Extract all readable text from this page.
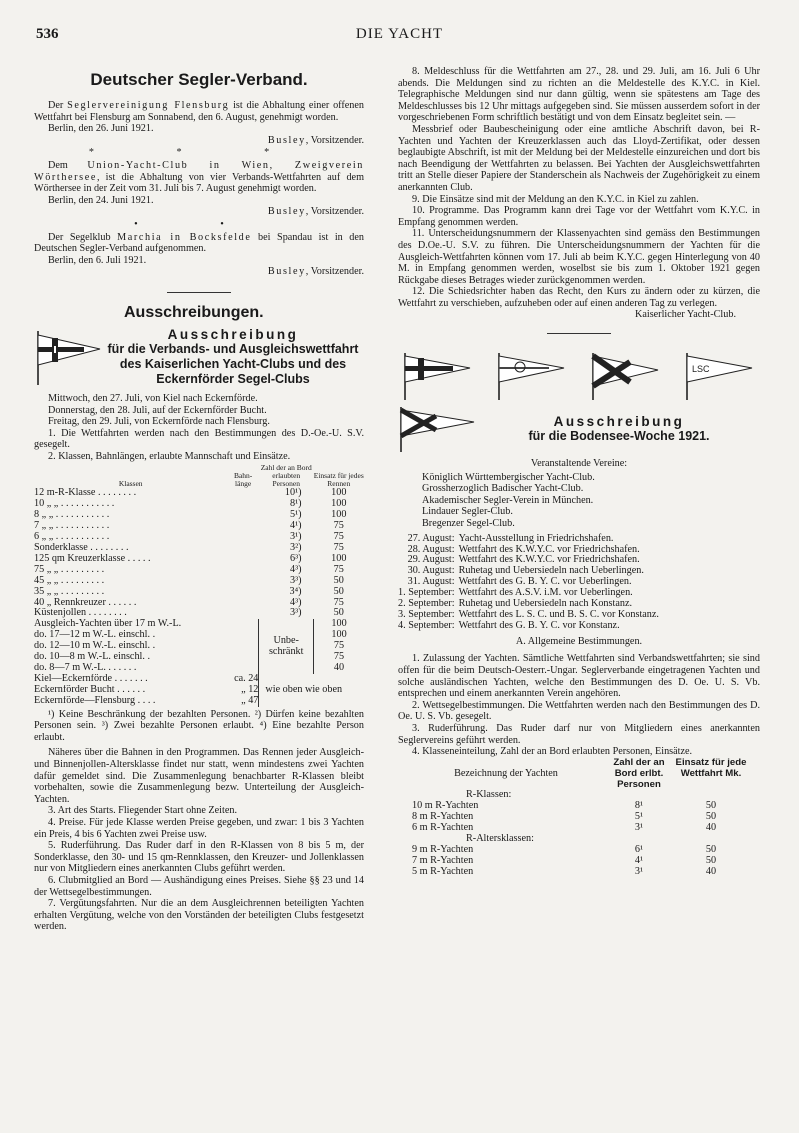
536	DIE YACHT
Deutscher Segler-Verband.

Der Seglervereinigung Flensburg ist die Abhaltung einer offenen Wettfahrt bei Flensburg am Sonnabend, den 6. August, genehmigt worden.

Berlin, den 26. Juni 1921.

Busley, Vorsitzender.

* * *

Dem Union-Yacht-Club in Wien, Zweigverein Wörthersee, ist die Abhaltung von vier Verbands-Wettfahrten auf dem Wörthersee in der Zeit vom 31. Juli bis 7. August genehmigt worden.

Berlin, den 24. Juni 1921.

Busley, Vorsitzender.

• •

Der Segelklub Marchia in Bocksfelde bei Spandau ist in den Deutschen Segler-Verband aufgenommen.

Berlin, den 6. Juli 1921.

Busley, Vorsitzender.

Ausschreibungen.
Ausschreibung
für die Verbands- und Ausgleichswettfahrt
des Kaiserlichen Yacht-Clubs und des
Eckernförder Segel-Clubs

Mittwoch, den 27. Juli, von Kiel nach Eckernförde.

Donnerstag, den 28. Juli, auf der Eckernförder Bucht.

Freitag, den 29. Juli, von Eckernförde nach Flensburg.

1. Die Wettfahrten werden nach den Bestimmungen des D.-Oe.-U. S.V. gesegelt.

2. Klassen, Bahnlängen, erlaubte Mannschaft und Einsätze.

Klassen	Bahn-länge	Zahl der an Bord erlaubten Personen	Einsatz für jedes Rennen
12 m-R-Klasse . . . . . . . .		10¹)	100
10 „ „ . . . . . . . . . . .		8¹)	100
8 „ „ . . . . . . . . . . .		5¹)	100
7 „ „ . . . . . . . . . . .		4¹)	75
6 „ „ . . . . . . . . . . .		3¹)	75
Sonderklasse . . . . . . . .		3²)	75
125 qm Kreuzerklasse . . . . .		6³)	100
75 „ „ . . . . . . . . .		4³)	75
45 „ „ . . . . . . . . .		3³)	50
35 „ „ . . . . . . . . .		3⁴)	50
40 „ Rennkreuzer . . . . . .		4³)	75
Küstenjollen . . . . . . . .		3³)	50
Ausgleich-Yachten über 17 m W.-L.		Unbe-schränkt	100
do. 17—12 m W.-L. einschl. .			100
do. 12—10 m W.-L. einschl. .			75
do. 10—8 m W.-L. einschl. .			75
do. 8—7 m W.-L. . . . . . .			40
Kiel—Eckernförde . . . . . . .	ca. 24	wie oben wie oben	
Eckernförder Bucht . . . . . .	„ 12		
Eckernförde—Flensburg . . . .	„ 47		

¹) Keine Beschränkung der bezahlten Personen. ²) Dürfen keine bezahlten Personen sein. ³) Zwei bezahlte Personen erlaubt. ⁴) Eine bezahlte Person erlaubt.

Näheres über die Bahnen in den Programmen. Das Rennen jeder Ausgleich- und Binnenjollen-Altersklasse findet nur statt, wenn mindestens zwei Yachten dafür gemeldet sind. Die Zusammenlegung benachbarter R-Klassen bleibt vorbehalten, sowie die Zusammenlegung bezw. Unterteilung der Ausgleich-Yachten.

3. Art des Starts. Fliegender Start ohne Zeiten.

4. Preise. Für jede Klasse werden Preise gegeben, und zwar: 1 bis 3 Yachten ein Preis, 4 bis 6 Yachten zwei Preise usw.

5. Ruderführung. Das Ruder darf in den R-Klassen von 8 bis 5 m, der Sonderklasse, den 30- und 15 qm-Rennklassen, den Kreuzer- und Jollenklassen nur von Mitgliedern eines anerkannten Clubs geführt werden.

6. Clubmitglied an Bord — Aushändigung eines Preises. Siehe §§ 23 und 14 der Wettsegelbestimmungen.

7. Vergütungsfahrten. Nur die an dem Ausgleichrennen beteiligten Yachten erhalten Vergütung, welche von den Vorständen der beteiligten Clubs festgesetzt werden.

8. Meldeschluss für die Wettfahrten am 27., 28. und 29. Juli, am 16. Juli 6 Uhr abends. Die Meldungen sind zu richten an die Meldestelle des K.Y.C. in Kiel. Telegraphische Meldungen sind nur dann gültig, wenn sie spätestens am Tage des Meldeschlusses bis 12 Uhr mittags aufgegeben sind. Sie müssen ausserdem sofort in der vorgeschriebenen Form schriftlich bestätigt und von dem Einsatz begleitet sein. —

Messbrief oder Baubescheinigung oder eine amtliche Abschrift davon, bei R-Yachten und Yachten der Kreuzerklassen auch das Lloyd-Zertifikat, oder dessen beglaubigte Abschrift, ist mit der Meldung bei der Meldestelle einzureichen und dort bis nach Beendigung der Wettfahrten zu belassen. Bei Yachten der Ausgleichswettfahrten tritt an Stelle dieser Papiere der Standerschein als Nachweis der Zugehörigkeit zu einem anerkannten Club.

9. Die Einsätze sind mit der Meldung an den K.Y.C. in Kiel zu zahlen.

10. Programme. Das Programm kann drei Tage vor der Wettfahrt vom K.Y.C. in Empfang genommen werden.

11. Unterscheidungsnummern der Klassenyachten sind gemäss den Bestimmungen des D.Oe.-U. S.V. zu führen. Die Unterscheidungsnummern der Yachten für die Ausgleich-Wettfahrten können vom 17. Juli ab beim K.Y.C. gegen Hinterlegung von 40 M. in Empfang genommen werden, woselbst sie bis zum 1. Oktober 1921 gegen Rückgabe dieses Betrages wieder zurückgenommen werden.

12. Die Schiedsrichter haben das Recht, den Kurs zu ändern oder zu kürzen, die Wettfahrt zu verschieben, aufzuheben oder auf einen anderen Tag zu verlegen.

Kaiserlicher Yacht-Club.

LSC
Ausschreibung
für die Bodensee-Woche 1921.

Veranstaltende Vereine:

Königlich Württembergischer Yacht-Club.
Grossherzoglich Badischer Yacht-Club.
Akademischer Segler-Verein in München.
Lindauer Segler-Club.
Bregenzer Segel-Club.
27. August:	Yacht-Ausstellung in Friedrichshafen.
28. August:	Wettfahrt des K.W.Y.C. vor Friedrichshafen.
29. August:	Wettfahrt des K.W.Y.C. vor Friedrichshafen.
30. August:	Ruhetag und Uebersiedeln nach Ueberlingen.
31. August:	Wettfahrt des G. B. Y. C. vor Ueberlingen.
1. September:	Wettfahrt des A.S.V. i.M. vor Ueberlingen.
2. September:	Ruhetag und Uebersiedeln nach Konstanz.
3. September:	Wettfahrt des L. S. C. und B. S. C. vor Konstanz.
4. September:	Wettfahrt des G. B. Y. C. vor Konstanz.

A. Allgemeine Bestimmungen.

1. Zulassung der Yachten. Sämtliche Wettfahrten sind Verbandswettfahrten; sie sind offen für die beim Deutsch-Oesterr.-Ungar. Seglerverbande eingetragenen Yachten und solche ausländischen Yachten, welche den Bestimmungen des D. Oe. U. S. Vb. entsprechen und einem anerkannten Verein angehören.

2. Wettsegelbestimmungen. Die Wettfahrten werden nach den Bestimmungen des D. Oe. U. S. Vb. gesegelt.

3. Ruderführung. Das Ruder darf nur von Mitgliedern eines anerkannten Seglervereins geführt werden.

4. Klasseneinteilung, Zahl der an Bord erlaubten Personen, Einsätze.

Bezeichnung der Yachten	Zahl der an Bord erlbt. Personen	Einsatz für jede Wettfahrt Mk.
R-Klassen:		
10 m R-Yachten	8¹	50
8 m R-Yachten	5¹	50
6 m R-Yachten	3¹	40
R-Altersklassen:		
9 m R-Yachten	6¹	50
7 m R-Yachten	4¹	50
5 m R-Yachten	3¹	40
